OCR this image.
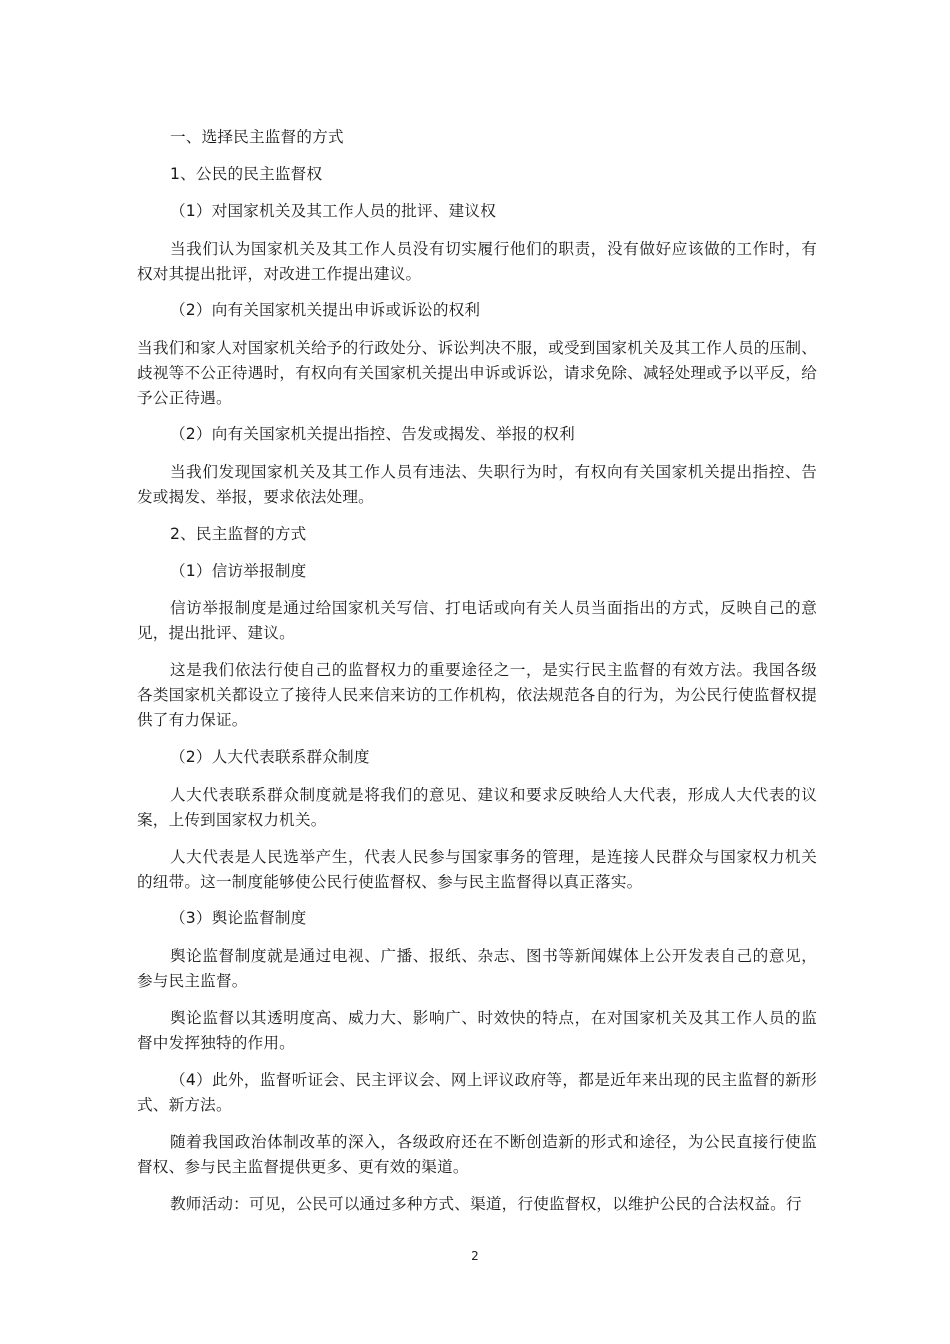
一、选择民主监督的方式

1、公民的民主监督权

（1）对国家机关及其工作人员的批评、建议权

当我们认为国家机关及其工作人员没有切实履行他们的职责，没有做好应该做的工作时，有权对其提出批评，对改进工作提出建议。

（2）向有关国家机关提出申诉或诉讼的权利

当我们和家人对国家机关给予的行政处分、诉讼判决不服，或受到国家机关及其工作人员的压制、歧视等不公正待遇时，有权向有关国家机关提出申诉或诉讼，请求免除、减轻处理或予以平反，给予公正待遇。

（2）向有关国家机关提出指控、告发或揭发、举报的权利

当我们发现国家机关及其工作人员有违法、失职行为时，有权向有关国家机关提出指控、告发或揭发、举报，要求依法处理。

2、民主监督的方式

（1）信访举报制度

信访举报制度是通过给国家机关写信、打电话或向有关人员当面指出的方式，反映自己的意见，提出批评、建议。

这是我们依法行使自己的监督权力的重要途径之一，是实行民主监督的有效方法。我国各级各类国家机关都设立了接待人民来信来访的工作机构，依法规范各自的行为，为公民行使监督权提供了有力保证。

（2）人大代表联系群众制度

人大代表联系群众制度就是将我们的意见、建议和要求反映给人大代表，形成人大代表的议案，上传到国家权力机关。

人大代表是人民选举产生，代表人民参与国家事务的管理，是连接人民群众与国家权力机关的纽带。这一制度能够使公民行使监督权、参与民主监督得以真正落实。

（3）舆论监督制度

舆论监督制度就是通过电视、广播、报纸、杂志、图书等新闻媒体上公开发表自己的意见，参与民主监督。

舆论监督以其透明度高、威力大、影响广、时效快的特点，在对国家机关及其工作人员的监督中发挥独特的作用。

（4）此外，监督听证会、民主评议会、网上评议政府等，都是近年来出现的民主监督的新形式、新方法。

随着我国政治体制改革的深入，各级政府还在不断创造新的形式和途径，为公民直接行使监督权、参与民主监督提供更多、更有效的渠道。

教师活动：可见，公民可以通过多种方式、渠道，行使监督权，以维护公民的合法权益。行

2
